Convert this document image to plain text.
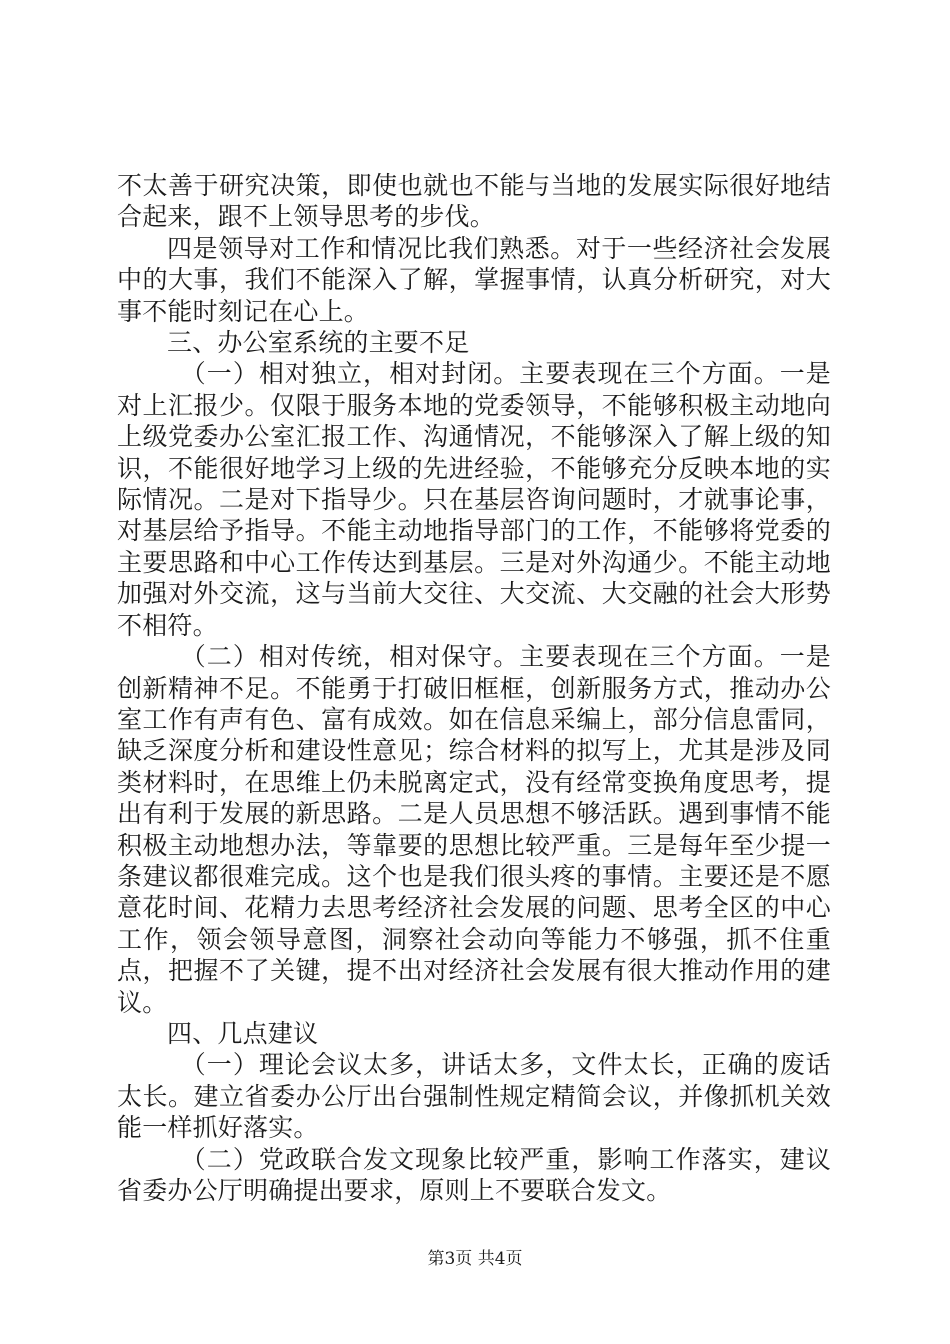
不太善于研究决策，即使也就也不能与当地的发展实际很好地结合起来，跟不上领导思考的步伐。

四是领导对工作和情况比我们熟悉。对于一些经济社会发展中的大事，我们不能深入了解，掌握事情，认真分析研究，对大事不能时刻记在心上。

三、办公室系统的主要不足

（一）相对独立，相对封闭。主要表现在三个方面。一是对上汇报少。仅限于服务本地的党委领导，不能够积极主动地向上级党委办公室汇报工作、沟通情况，不能够深入了解上级的知识，不能很好地学习上级的先进经验，不能够充分反映本地的实际情况。二是对下指导少。只在基层咨询问题时，才就事论事，对基层给予指导。不能主动地指导部门的工作，不能够将党委的主要思路和中心工作传达到基层。三是对外沟通少。不能主动地加强对外交流，这与当前大交往、大交流、大交融的社会大形势不相符。

（二）相对传统，相对保守。主要表现在三个方面。一是创新精神不足。不能勇于打破旧框框，创新服务方式，推动办公室工作有声有色、富有成效。如在信息采编上，部分信息雷同，缺乏深度分析和建设性意见；综合材料的拟写上，尤其是涉及同类材料时，在思维上仍未脱离定式，没有经常变换角度思考，提出有利于发展的新思路。二是人员思想不够活跃。遇到事情不能积极主动地想办法，等靠要的思想比较严重。三是每年至少提一条建议都很难完成。这个也是我们很头疼的事情。主要还是不愿意花时间、花精力去思考经济社会发展的问题、思考全区的中心工作，领会领导意图，洞察社会动向等能力不够强，抓不住重点，把握不了关键，提不出对经济社会发展有很大推动作用的建议。

四、几点建议

（一）理论会议太多，讲话太多，文件太长，正确的废话太长。建立省委办公厅出台强制性规定精简会议，并像抓机关效能一样抓好落实。

（二）党政联合发文现象比较严重，影响工作落实，建议省委办公厅明确提出要求，原则上不要联合发文。

第3页 共4页
